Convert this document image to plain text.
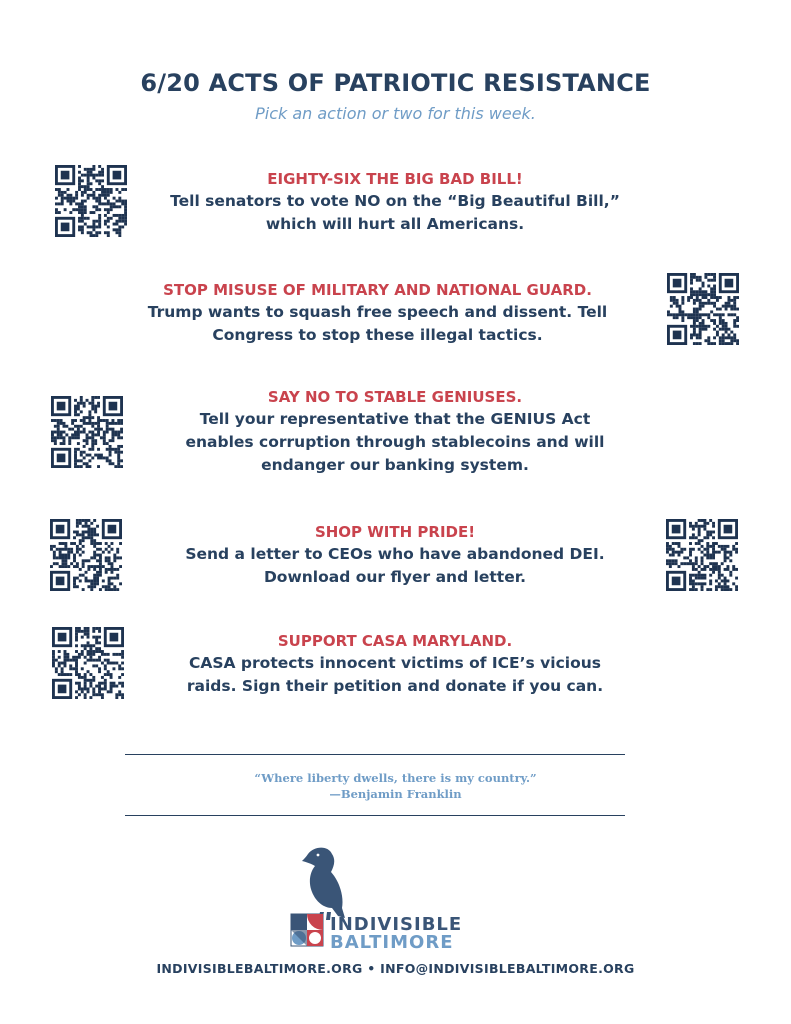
6/20 ACTS OF PATRIOTIC RESISTANCE
Pick an action or two for this week.
EIGHTY-SIX THE BIG BAD BILL!
Tell senators to vote NO on the “Big Beautiful Bill,”
which will hurt all Americans.
STOP MISUSE OF MILITARY AND NATIONAL GUARD.
Trump wants to squash free speech and dissent. Tell
Congress to stop these illegal tactics.
SAY NO TO STABLE GENIUSES.
Tell your representative that the GENIUS Act
enables corruption through stablecoins and will
endanger our banking system.
SHOP WITH PRIDE!
Send a letter to CEOs who have abandoned DEI.
Download our flyer and letter.
SUPPORT CASA MARYLAND.
CASA protects innocent victims of ICE’s vicious
raids. Sign their petition and donate if you can.
“Where liberty dwells, there is my country.”
—Benjamin Franklin
INDIVISIBLE
BALTIMORE
INDIVISIBLEBALTIMORE.ORG • INFO@INDIVISIBLEBALTIMORE.ORG
